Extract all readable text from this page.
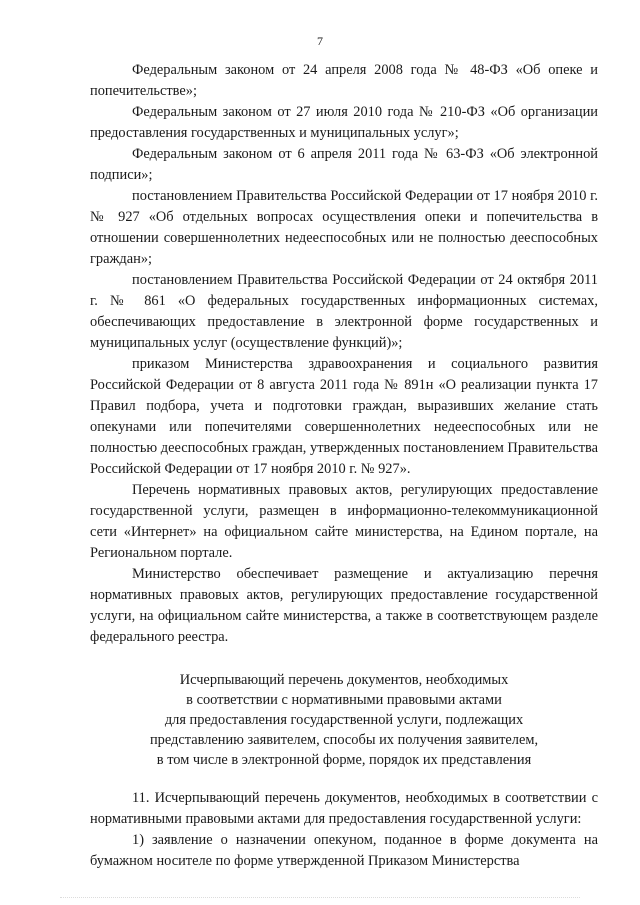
7

Федеральным законом от 24 апреля 2008 года № 48-ФЗ «Об опеке и попечительстве»;

Федеральным законом от 27 июля 2010 года № 210-ФЗ «Об организации предоставления государственных и муниципальных услуг»;

Федеральным законом от 6 апреля 2011 года № 63-ФЗ «Об электронной подписи»;

постановлением Правительства Российской Федерации от 17 ноября 2010 г. № 927 «Об отдельных вопросах осуществления опеки и попечительства в отношении совершеннолетних недееспособных или не полностью дееспособных граждан»;

постановлением Правительства Российской Федерации от 24 октября 2011 г. № 861 «О федеральных государственных информационных системах, обеспечивающих предоставление в электронной форме государственных и муниципальных услуг (осуществление функций)»;

приказом Министерства здравоохранения и социального развития Российской Федерации от 8 августа 2011 года № 891н «О реализации пункта 17 Правил подбора, учета и подготовки граждан, выразивших желание стать опекунами или попечителями совершеннолетних недееспособных или не полностью дееспособных граждан, утвержденных постановлением Правительства Российской Федерации от 17 ноября 2010 г. № 927».

Перечень нормативных правовых актов, регулирующих предоставление государственной услуги, размещен в информационно-телекоммуникационной сети «Интернет» на официальном сайте министерства, на Едином портале, на Региональном портале.

Министерство обеспечивает размещение и актуализацию перечня нормативных правовых актов, регулирующих предоставление государственной услуги, на официальном сайте министерства, а также в соответствующем разделе федерального реестра.

Исчерпывающий перечень документов, необходимых
в соответствии с нормативными правовыми актами
для предоставления государственной услуги, подлежащих
представлению заявителем, способы их получения заявителем,
в том числе в электронной форме, порядок их представления

11. Исчерпывающий перечень документов, необходимых в соответствии с нормативными правовыми актами для предоставления государственной услуги:

1) заявление о назначении опекуном, поданное в форме документа на бумажном носителе по форме утвержденной Приказом Министерства
